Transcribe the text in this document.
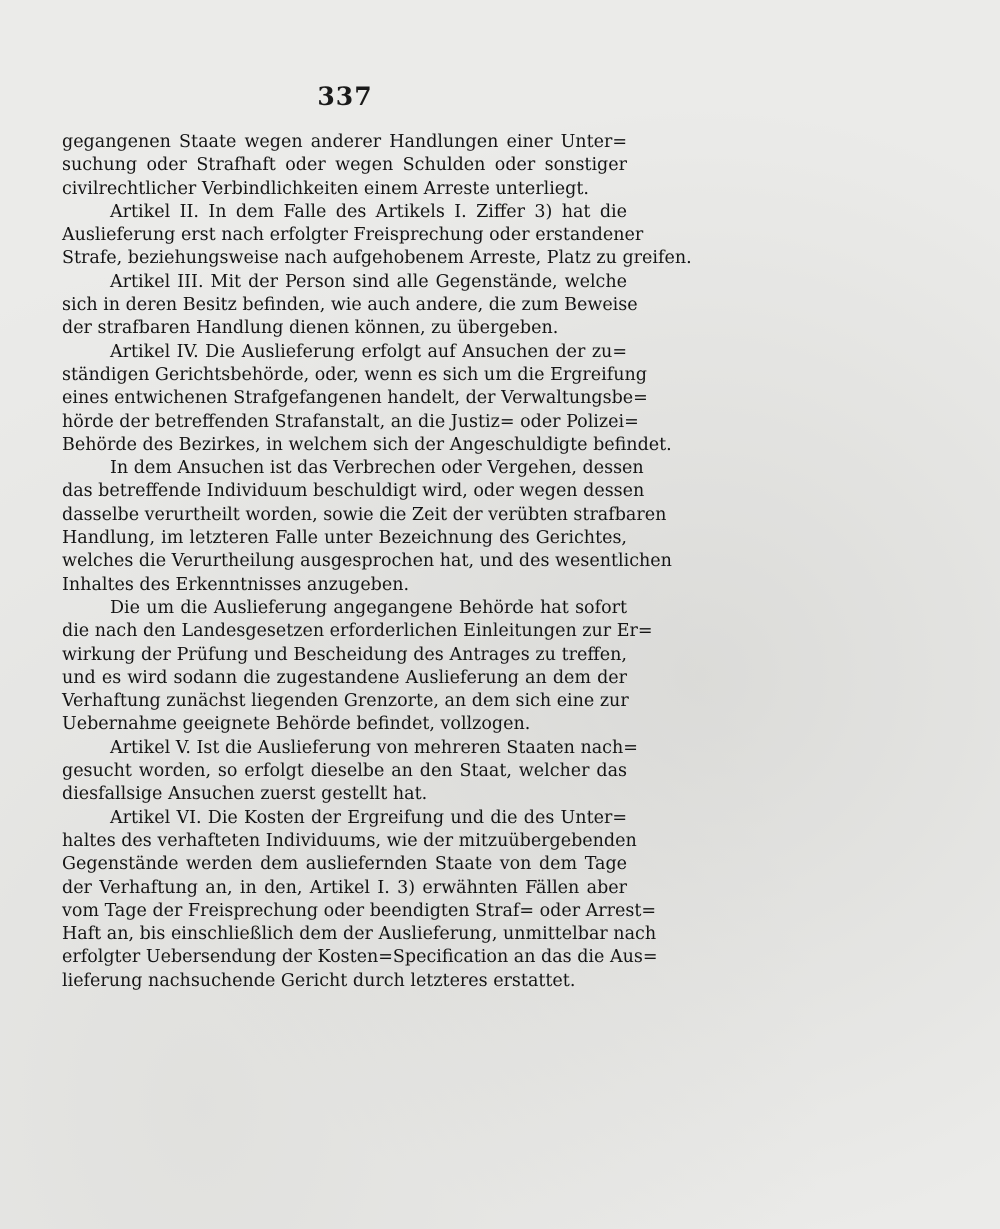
337
gegangenen Staate wegen anderer Handlungen einer Unter=
suchung oder Strafhaft oder wegen Schulden oder sonstiger
civilrechtlicher Verbindlichkeiten einem Arreste unterliegt.
Artikel II. In dem Falle des Artikels I. Ziffer 3) hat die
Auslieferung erst nach erfolgter Freisprechung oder erstandener
Strafe, beziehungsweise nach aufgehobenem Arreste, Platz zu greifen.
Artikel III. Mit der Person sind alle Gegenstände, welche
sich in deren Besitz befinden, wie auch andere, die zum Beweise
der strafbaren Handlung dienen können, zu übergeben.
Artikel IV. Die Auslieferung erfolgt auf Ansuchen der zu=
ständigen Gerichtsbehörde, oder, wenn es sich um die Ergreifung
eines entwichenen Strafgefangenen handelt, der Verwaltungsbe=
hörde der betreffenden Strafanstalt, an die Justiz= oder Polizei=
Behörde des Bezirkes, in welchem sich der Angeschuldigte befindet.
In dem Ansuchen ist das Verbrechen oder Vergehen, dessen
das betreffende Individuum beschuldigt wird, oder wegen dessen
dasselbe verurtheilt worden, sowie die Zeit der verübten strafbaren
Handlung, im letzteren Falle unter Bezeichnung des Gerichtes,
welches die Verurtheilung ausgesprochen hat, und des wesentlichen
Inhaltes des Erkenntnisses anzugeben.
Die um die Auslieferung angegangene Behörde hat sofort
die nach den Landesgesetzen erforderlichen Einleitungen zur Er=
wirkung der Prüfung und Bescheidung des Antrages zu treffen,
und es wird sodann die zugestandene Auslieferung an dem der
Verhaftung zunächst liegenden Grenzorte, an dem sich eine zur
Uebernahme geeignete Behörde befindet, vollzogen.
Artikel V. Ist die Auslieferung von mehreren Staaten nach=
gesucht worden, so erfolgt dieselbe an den Staat, welcher das
diesfallsige Ansuchen zuerst gestellt hat.
Artikel VI. Die Kosten der Ergreifung und die des Unter=
haltes des verhafteten Individuums, wie der mitzuübergebenden
Gegenstände werden dem ausliefernden Staate von dem Tage
der Verhaftung an, in den, Artikel I. 3) erwähnten Fällen aber
vom Tage der Freisprechung oder beendigten Straf= oder Arrest=
Haft an, bis einschließlich dem der Auslieferung, unmittelbar nach
erfolgter Uebersendung der Kosten=Specification an das die Aus=
lieferung nachsuchende Gericht durch letzteres erstattet.
